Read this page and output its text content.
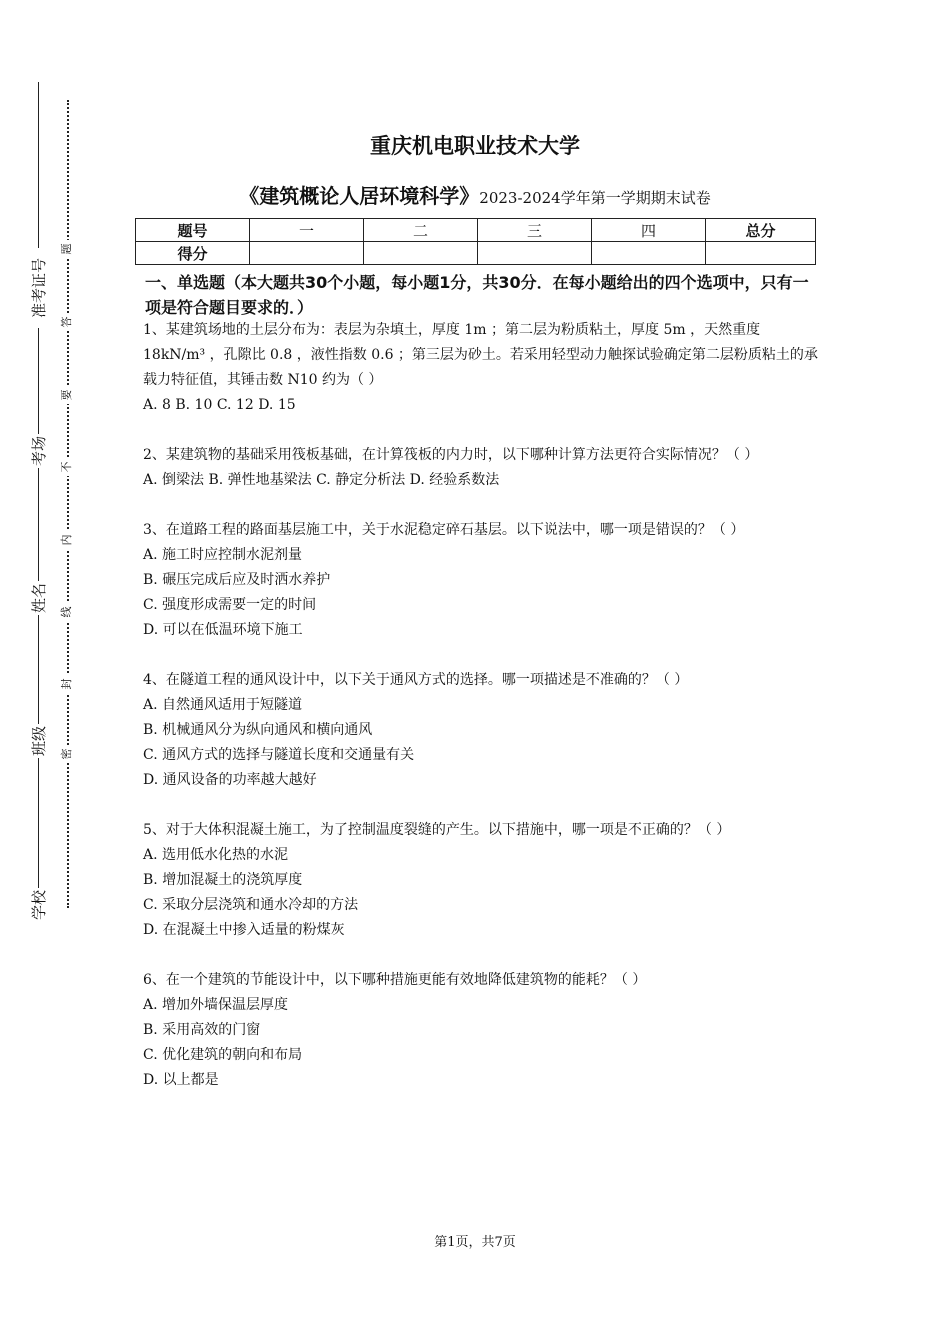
准考证号
考场
姓名
班级
学校
题
答
要
不
内
线
封
密
重庆机电职业技术大学
《建筑概论人居环境科学》2023-2024学年第一学期期末试卷
题号	一	二	三	四	总分
得分					
一、单选题（本大题共30个小题，每小题1分，共30分．在每小题给出的四个选项中，只有一项是符合题目要求的．）

1、某建筑场地的土层分布为：表层为杂填土，厚度 1m ；第二层为粉质粘土，厚度 5m ，天然重度 18kN/m³ ，孔隙比 0.8 ，液性指数 0.6 ；第三层为砂土。若采用轻型动力触探试验确定第二层粉质粘土的承载力特征值，其锤击数 N10 约为（ ）

A. 8 B. 10 C. 12 D. 15

2、某建筑物的基础采用筏板基础，在计算筏板的内力时，以下哪种计算方法更符合实际情况？（ ）

A. 倒梁法 B. 弹性地基梁法 C. 静定分析法 D. 经验系数法

3、在道路工程的路面基层施工中，关于水泥稳定碎石基层。以下说法中，哪一项是错误的？（ ）

A. 施工时应控制水泥剂量

B. 碾压完成后应及时洒水养护

C. 强度形成需要一定的时间

D. 可以在低温环境下施工

4、在隧道工程的通风设计中，以下关于通风方式的选择。哪一项描述是不准确的？（ ）

A. 自然通风适用于短隧道

B. 机械通风分为纵向通风和横向通风

C. 通风方式的选择与隧道长度和交通量有关

D. 通风设备的功率越大越好

5、对于大体积混凝土施工，为了控制温度裂缝的产生。以下措施中，哪一项是不正确的？（ ）

A. 选用低水化热的水泥

B. 增加混凝土的浇筑厚度

C. 采取分层浇筑和通水冷却的方法

D. 在混凝土中掺入适量的粉煤灰

6、在一个建筑的节能设计中，以下哪种措施更能有效地降低建筑物的能耗？（ ）

A. 增加外墙保温层厚度

B. 采用高效的门窗

C. 优化建筑的朝向和布局

D. 以上都是

第1页，共7页
